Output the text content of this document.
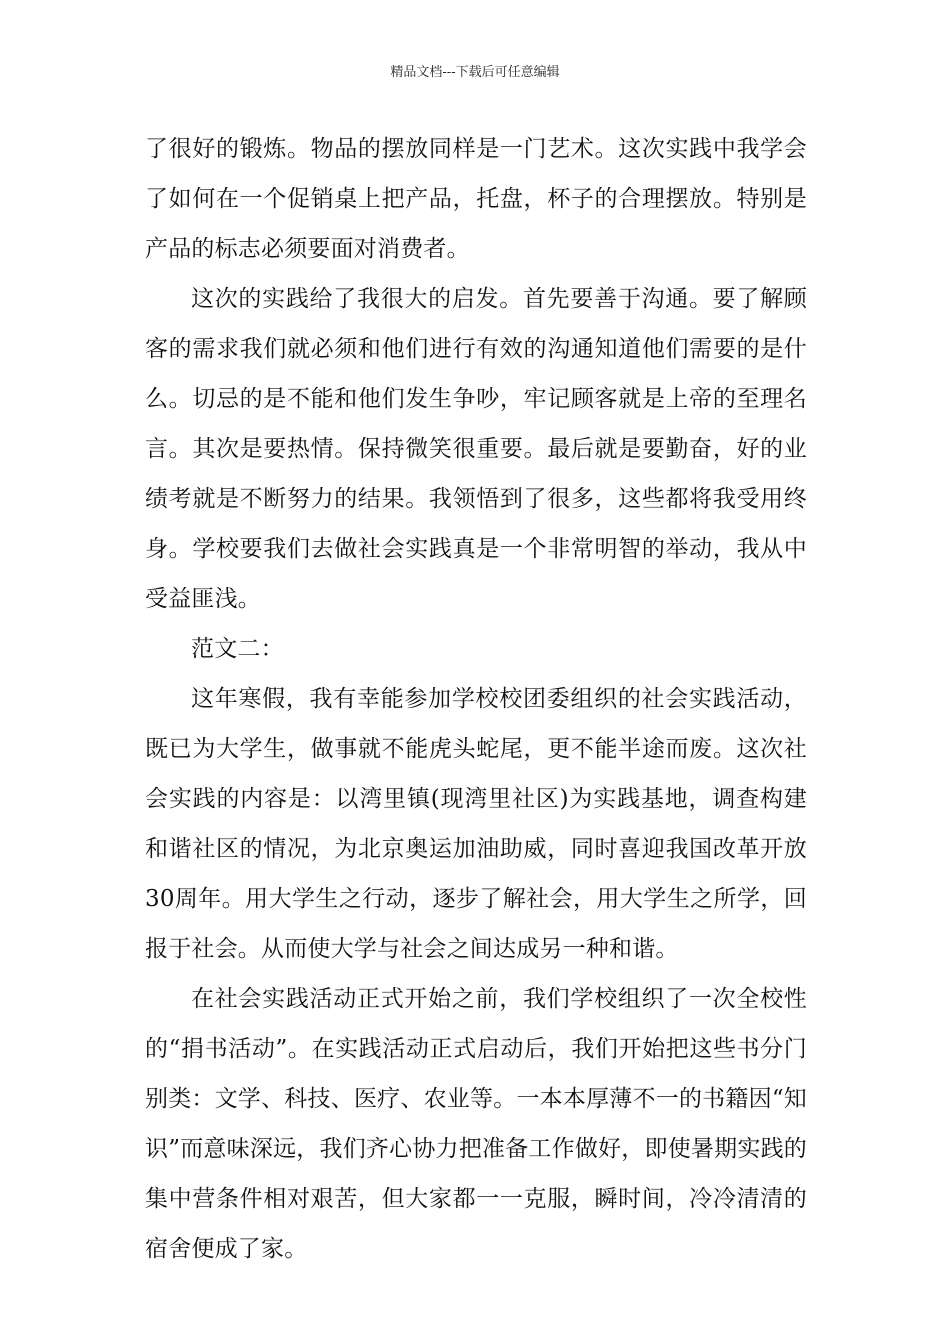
精品文档---下载后可任意编辑

了很好的锻炼。物品的摆放同样是一门艺术。这次实践中我学会了如何在一个促销桌上把产品，托盘，杯子的合理摆放。特别是产品的标志必须要面对消费者。

这次的实践给了我很大的启发。首先要善于沟通。要了解顾客的需求我们就必须和他们进行有效的沟通知道他们需要的是什么。切忌的是不能和他们发生争吵，牢记顾客就是上帝的至理名言。其次是要热情。保持微笑很重要。最后就是要勤奋，好的业绩考就是不断努力的结果。我领悟到了很多，这些都将我受用终身。学校要我们去做社会实践真是一个非常明智的举动，我从中受益匪浅。

范文二：

这年寒假，我有幸能参加学校校团委组织的社会实践活动，既已为大学生，做事就不能虎头蛇尾，更不能半途而废。这次社会实践的内容是：以湾里镇(现湾里社区)为实践基地，调查构建和谐社区的情况，为北京奥运加油助威，同时喜迎我国改革开放30周年。用大学生之行动，逐步了解社会，用大学生之所学，回报于社会。从而使大学与社会之间达成另一种和谐。

在社会实践活动正式开始之前，我们学校组织了一次全校性的“捐书活动”。在实践活动正式启动后，我们开始把这些书分门别类：文学、科技、医疗、农业等。一本本厚薄不一的书籍因“知识”而意味深远，我们齐心协力把准备工作做好，即使暑期实践的集中营条件相对艰苦，但大家都一一克服，瞬时间，冷冷清清的宿舍便成了家。
